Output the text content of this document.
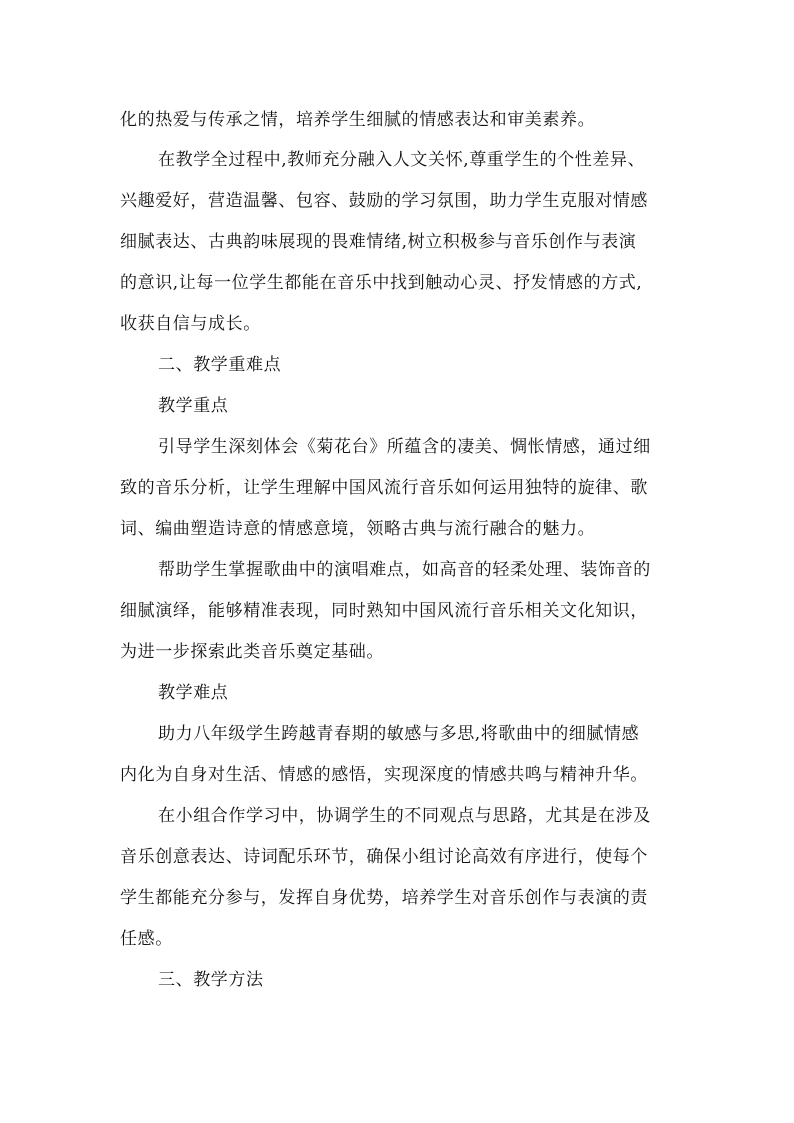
化的热爱与传承之情，培养学生细腻的情感表达和审美素养。
在教学全过程中,教师充分融入人文关怀,尊重学生的个性差异、
兴趣爱好，营造温馨、包容、鼓励的学习氛围，助力学生克服对情感
细腻表达、古典韵味展现的畏难情绪,树立积极参与音乐创作与表演
的意识,让每一位学生都能在音乐中找到触动心灵、抒发情感的方式,
收获自信与成长。
二、教学重难点
教学重点
引导学生深刻体会《菊花台》所蕴含的凄美、惆怅情感，通过细
致的音乐分析，让学生理解中国风流行音乐如何运用独特的旋律、歌
词、编曲塑造诗意的情感意境，领略古典与流行融合的魅力。
帮助学生掌握歌曲中的演唱难点，如高音的轻柔处理、装饰音的
细腻演绎，能够精准表现，同时熟知中国风流行音乐相关文化知识，
为进一步探索此类音乐奠定基础。
教学难点
助力八年级学生跨越青春期的敏感与多思,将歌曲中的细腻情感
内化为自身对生活、情感的感悟，实现深度的情感共鸣与精神升华。
在小组合作学习中，协调学生的不同观点与思路，尤其是在涉及
音乐创意表达、诗词配乐环节，确保小组讨论高效有序进行，使每个
学生都能充分参与，发挥自身优势，培养学生对音乐创作与表演的责
任感。
三、教学方法
